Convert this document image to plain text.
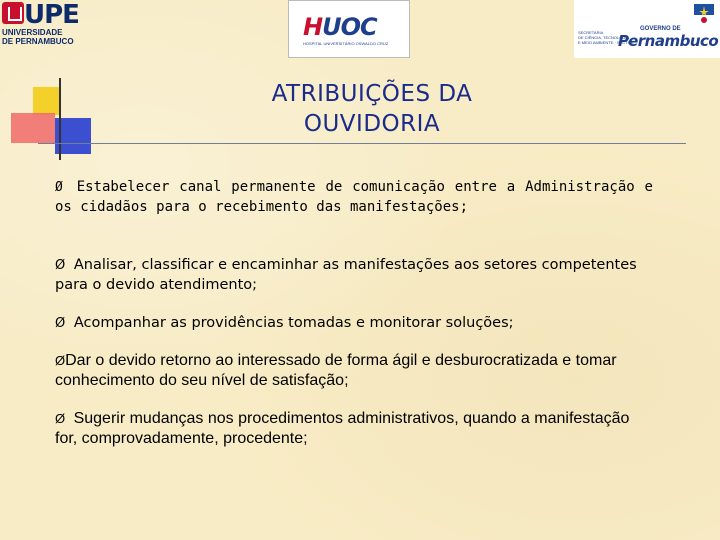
UPE
UNIVERSIDADE
DE PERNAMBUCO
HUOC
HOSPITAL UNIVERSITÁRIO OSWALDO CRUZ
SECRETARIA
DE CIÊNCIA, TECNOLOGIA
E MEIO AMBIENTE · SECTMA
GOVERNO DE
Pernambuco
ATRIBUIÇÕES DA OUVIDORIA
Ø Estabelecer canal permanente de comunicação entre a Administração e os cidadãos para o recebimento das manifestações;
Ø Analisar, classificar e encaminhar as manifestações aos setores competentes para o devido atendimento;
Ø Acompanhar as providências tomadas e monitorar soluções;
ØDar o devido retorno ao interessado de forma ágil e desburocratizada e tomar conhecimento do seu nível de satisfação;
Ø Sugerir mudanças nos procedimentos administrativos, quando a manifestação for, comprovadamente, procedente;
